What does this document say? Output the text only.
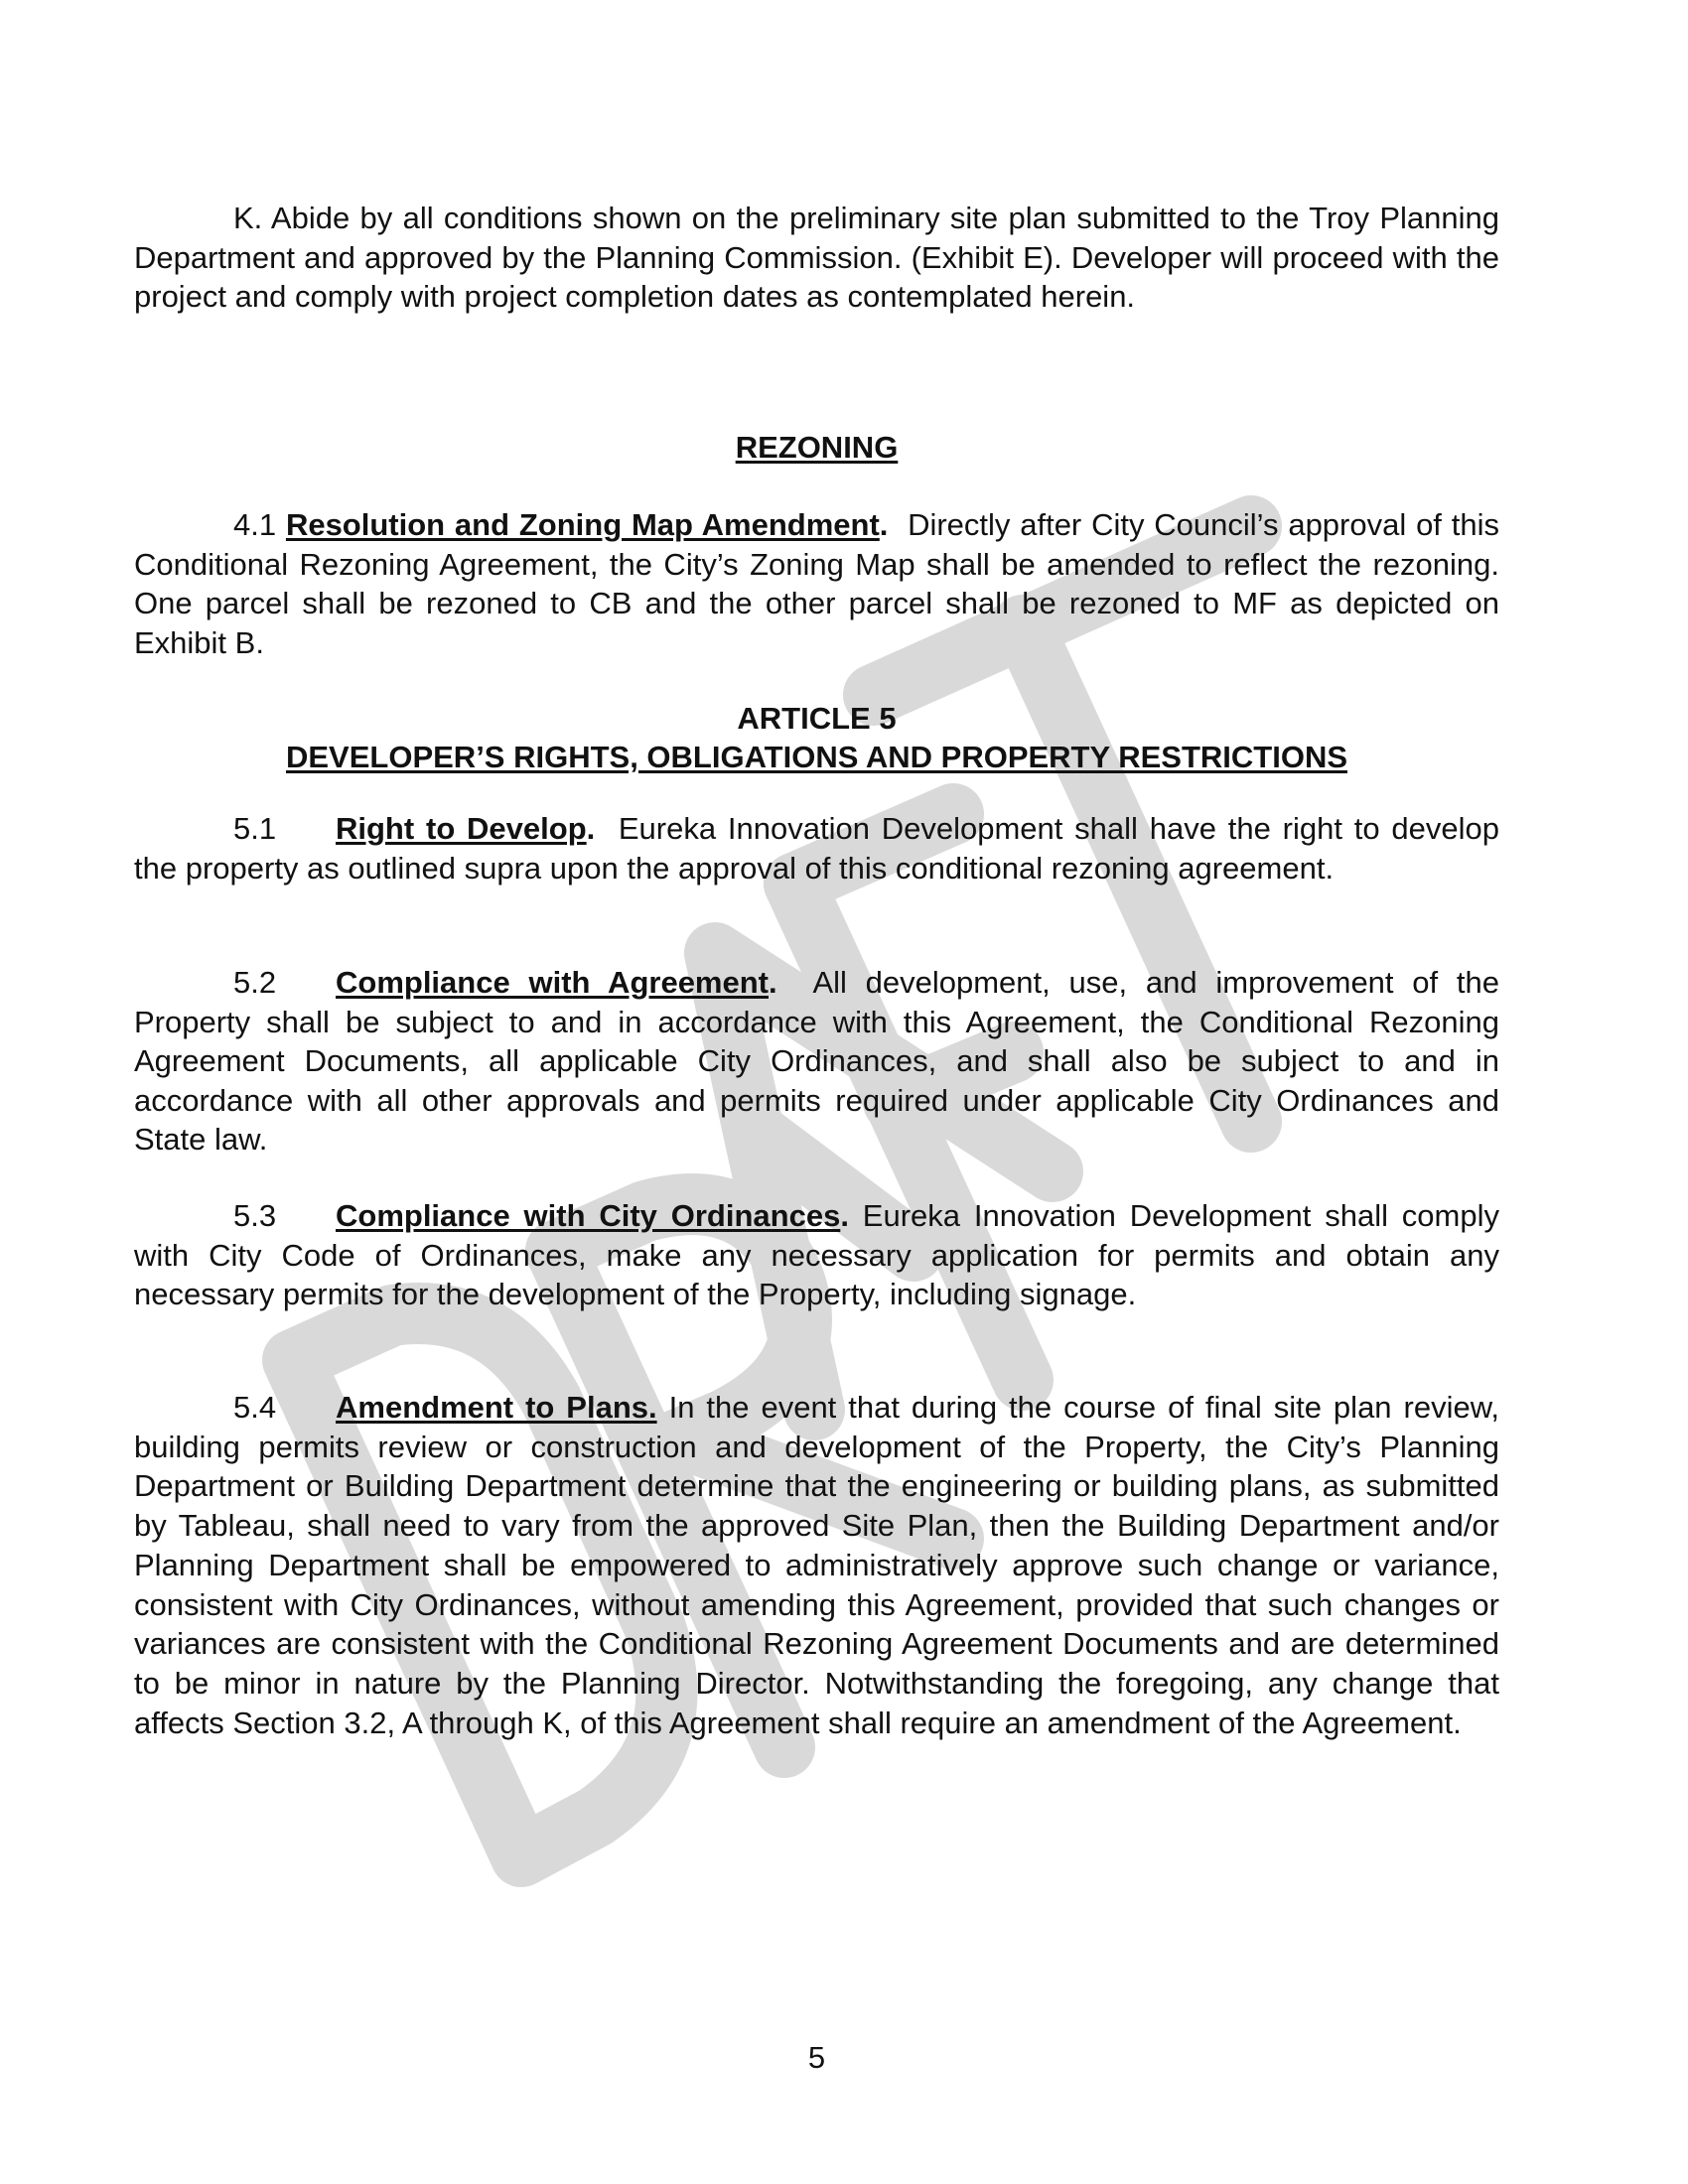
K. Abide by all conditions shown on the preliminary site plan submitted to the Troy Planning Department and approved by the Planning Commission. (Exhibit E). Developer will proceed with the project and comply with project completion dates as contemplated herein.

REZONING

4.1 Resolution and Zoning Map Amendment. Directly after City Council’s approval of this Conditional Rezoning Agreement, the City’s Zoning Map shall be amended to reflect the rezoning. One parcel shall be rezoned to CB and the other parcel shall be rezoned to MF as depicted on Exhibit B.

ARTICLE 5
DEVELOPER’S RIGHTS, OBLIGATIONS AND PROPERTY RESTRICTIONS

5.1 Right to Develop. Eureka Innovation Development shall have the right to develop the property as outlined supra upon the approval of this conditional rezoning agreement.

5.2 Compliance with Agreement. All development, use, and improvement of the Property shall be subject to and in accordance with this Agreement, the Conditional Rezoning Agreement Documents, all applicable City Ordinances, and shall also be subject to and in accordance with all other approvals and permits required under applicable City Ordinances and State law.

5.3 Compliance with City Ordinances. Eureka Innovation Development shall comply with City Code of Ordinances, make any necessary application for permits and obtain any necessary permits for the development of the Property, including signage.

5.4 Amendment to Plans. In the event that during the course of final site plan review, building permits review or construction and development of the Property, the City’s Planning Department or Building Department determine that the engineering or building plans, as submitted by Tableau, shall need to vary from the approved Site Plan, then the Building Department and/or Planning Department shall be empowered to administratively approve such change or variance, consistent with City Ordinances, without amending this Agreement, provided that such changes or variances are consistent with the Conditional Rezoning Agreement Documents and are determined to be minor in nature by the Planning Director. Notwithstanding the foregoing, any change that affects Section 3.2, A through K, of this Agreement shall require an amendment of the Agreement.

5
